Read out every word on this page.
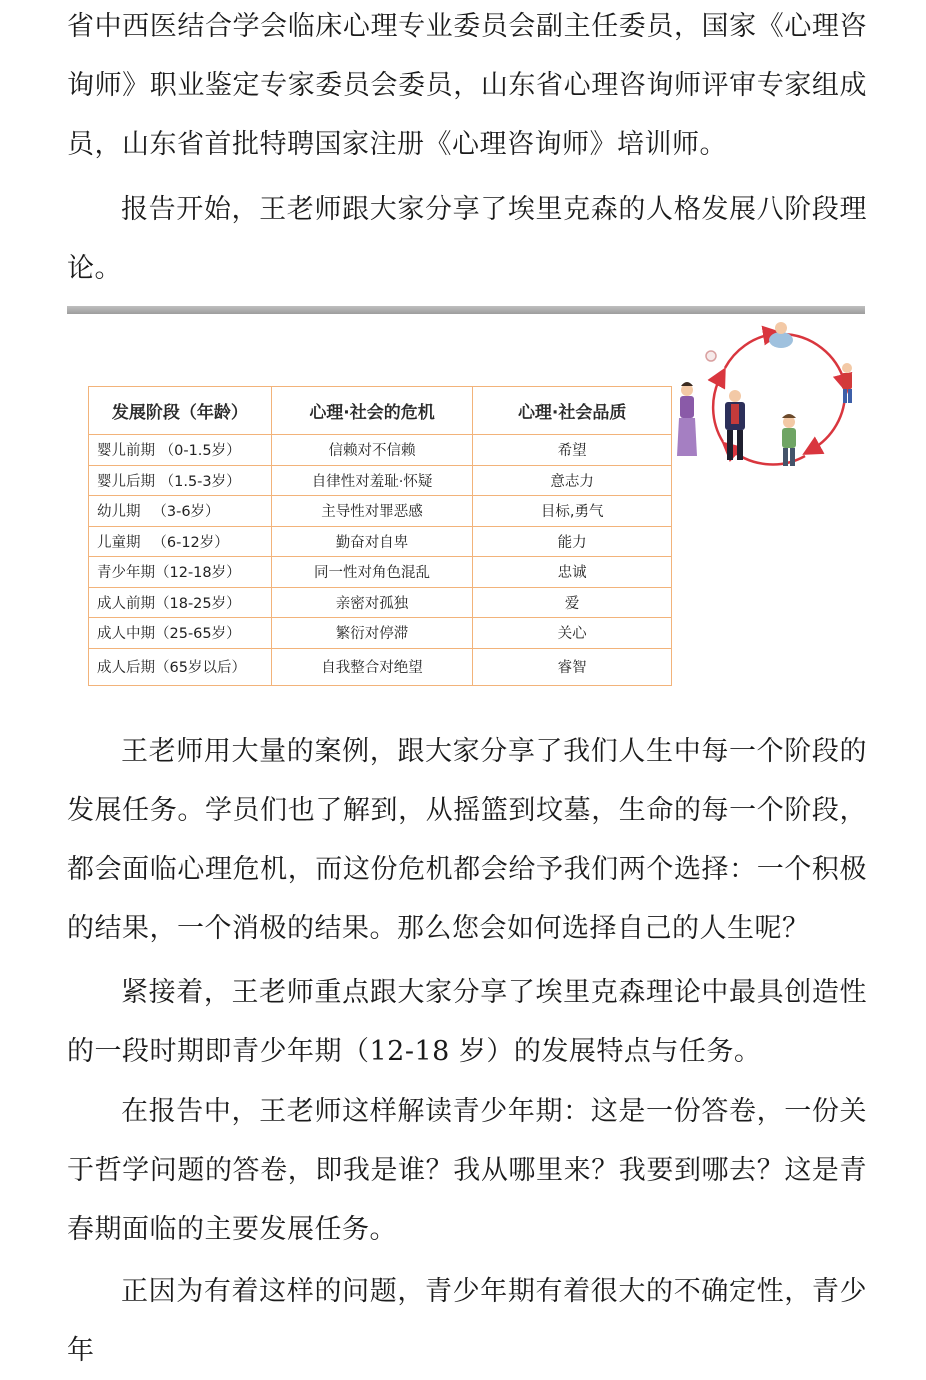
省中西医结合学会临床心理专业委员会副主任委员，国家《心理咨询师》职业鉴定专家委员会委员，山东省心理咨询师评审专家组成员，山东省首批特聘国家注册《心理咨询师》培训师。

报告开始，王老师跟大家分享了埃里克森的人格发展八阶段理论。

发展阶段（年龄）	心理·社会的危机	心理·社会品质
婴儿前期 （0-1.5岁）	信赖对不信赖	希望
婴儿后期 （1.5-3岁）	自律性对羞耻·怀疑	意志力
幼儿期 　（3-6岁）	主导性对罪恶感	目标,勇气
儿童期 　（6-12岁）	勤奋对自卑	能力
青少年期（12-18岁）	同一性对角色混乱	忠诚
成人前期（18-25岁）	亲密对孤独	爱
成人中期（25-65岁）	繁衍对停滞	关心
成人后期（65岁以后）	自我整合对绝望	睿智

王老师用大量的案例，跟大家分享了我们人生中每一个阶段的发展任务。学员们也了解到，从摇篮到坟墓，生命的每一个阶段，都会面临心理危机，而这份危机都会给予我们两个选择：一个积极的结果，一个消极的结果。那么您会如何选择自己的人生呢？

紧接着，王老师重点跟大家分享了埃里克森理论中最具创造性的一段时期即青少年期（12-18 岁）的发展特点与任务。

在报告中，王老师这样解读青少年期：这是一份答卷，一份关于哲学问题的答卷，即我是谁？我从哪里来？我要到哪去？这是青春期面临的主要发展任务。

正因为有着这样的问题，青少年期有着很大的不确定性，青少年
